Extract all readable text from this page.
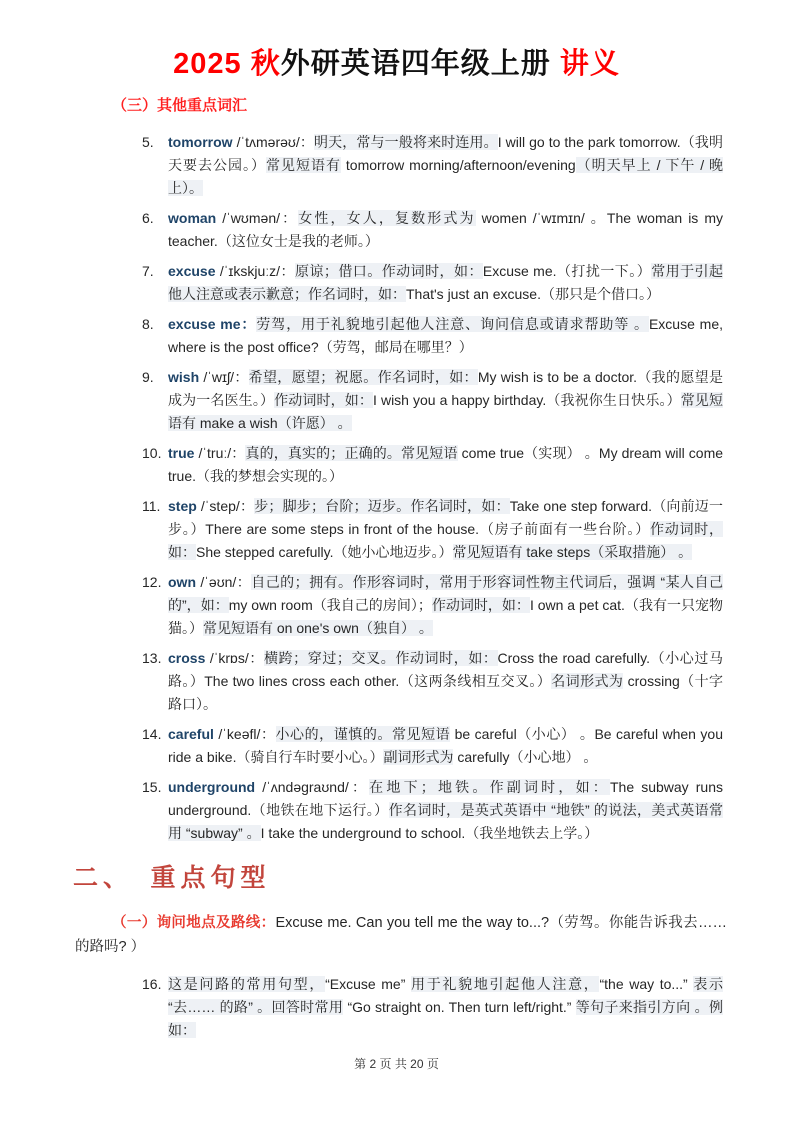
2025 秋外研英语四年级上册 讲义
（三）其他重点词汇
5.	tomorrow /ˈtʌmərəʊ/：明天，常与一般将来时连用。I will go to the park tomorrow.（我明天要去公园。）常见短语有 tomorrow morning/afternoon/evening（明天早上 / 下午 / 晚上）。
6.	woman /ˈwʊmən/：女性，女人，复数形式为 women /ˈwɪmɪn/ 。The woman is my teacher.（这位女士是我的老师。）
7.	excuse /ˈɪkskjuːz/：原谅；借口。作动词时，如：Excuse me.（打扰一下。）常用于引起他人注意或表示歉意；作名词时，如：That's just an excuse.（那只是个借口。）
8.	excuse me：劳驾，用于礼貌地引起他人注意、询问信息或请求帮助等 。Excuse me, where is the post office?（劳驾，邮局在哪里？）
9.	wish /ˈwɪʃ/：希望，愿望；祝愿。作名词时，如：My wish is to be a doctor.（我的愿望是成为一名医生。）作动词时，如：I wish you a happy birthday.（我祝你生日快乐。）常见短语有 make a wish（许愿） 。
10. true /ˈtruː/：真的，真实的；正确的。常见短语 come true（实现） 。My dream will come true.（我的梦想会实现的。）
11. step /ˈstep/：步；脚步；台阶；迈步。作名词时，如：Take one step forward.（向前迈一步。）There are some steps in front of the house.（房子前面有一些台阶。）作动词时，如：She stepped carefully.（她小心地迈步。）常见短语有 take steps（采取措施） 。
12. own /ˈəʊn/：自己的；拥有。作形容词时，常用于形容词性物主代词后，强调 “某人自己的”，如：my own room（我自己的房间）；作动词时，如：I own a pet cat.（我有一只宠物猫。）常见短语有 on one's own（独自） 。
13. cross /ˈkrɒs/：横跨；穿过；交叉。作动词时，如：Cross the road carefully.（小心过马路。）The two lines cross each other.（这两条线相互交叉。）名词形式为 crossing（十字路口）。
14. careful /ˈkeəfl/：小心的，谨慎的。常见短语 be careful（小心） 。Be careful when you ride a bike.（骑自行车时要小心。）副词形式为 carefully（小心地） 。
15. underground /ˈʌndəgraʊnd/：在地下；地铁。作副词时，如：The subway runs underground.（地铁在地下运行。）作名词时，是英式英语中 “地铁” 的说法，美式英语常用 “subway” 。I take the underground to school.（我坐地铁去上学。）
二、　重点句型

（一）询问地点及路线：Excuse me. Can you tell me the way to...?（劳驾。你能告诉我去…… 的路吗? ）

16. 这是问路的常用句型，“Excuse me” 用于礼貌地引起他人注意，“the way to...” 表示 “去…… 的路” 。回答时常用 “Go straight on. Then turn left/right.” 等句子来指引方向 。例如：
第 2 页 共 20 页
